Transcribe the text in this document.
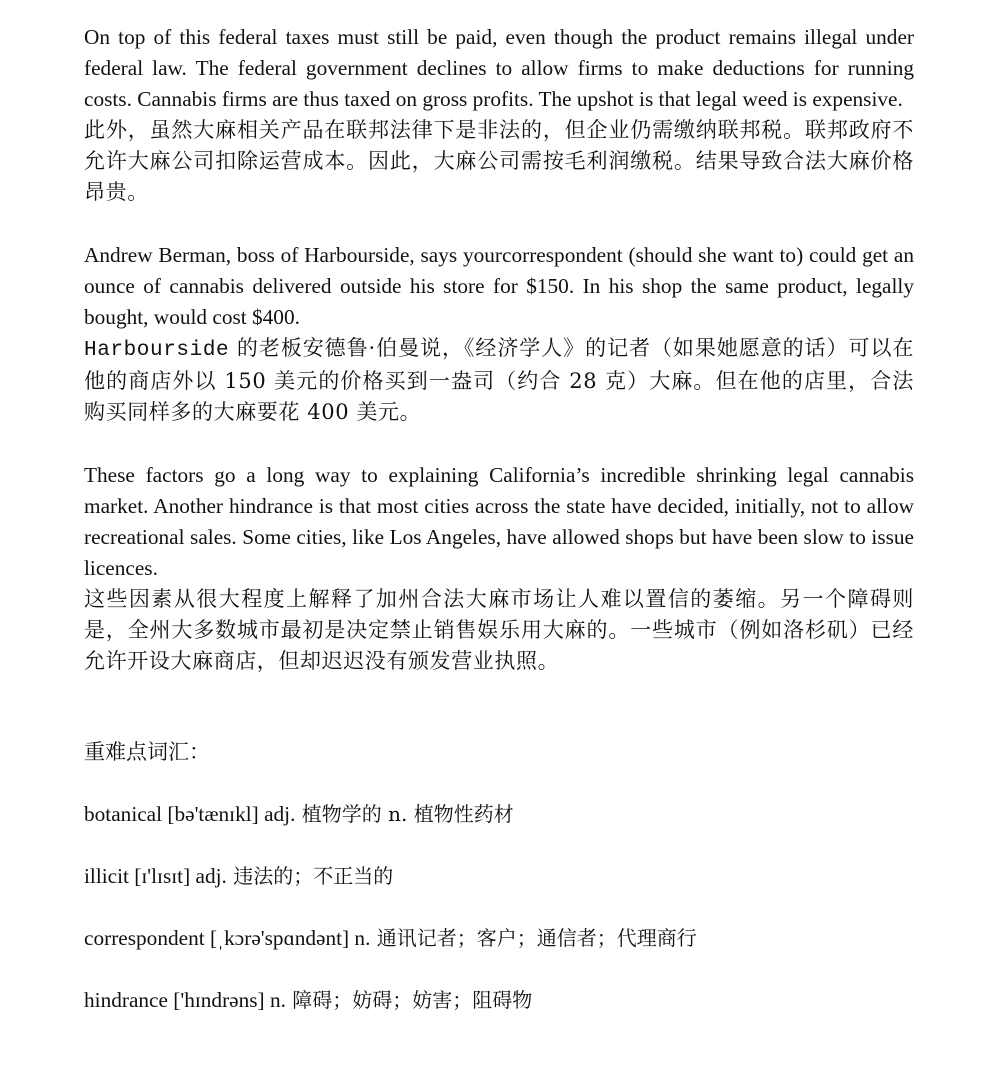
On top of this federal taxes must still be paid, even though the product remains illegal under federal law. The federal government declines to allow firms to make deductions for running costs. Cannabis firms are thus taxed on gross profits. The upshot is that legal weed is expensive.

此外，虽然大麻相关产品在联邦法律下是非法的，但企业仍需缴纳联邦税。联邦政府不允许大麻公司扣除运营成本。因此，大麻公司需按毛利润缴税。结果导致合法大麻价格昂贵。

Andrew Berman, boss of Harbourside, says yourcorrespondent (should she want to) could get an ounce of cannabis delivered outside his store for $150. In his shop the same product, legally bought, would cost $400.

Harbourside 的老板安德鲁·伯曼说，《经济学人》的记者（如果她愿意的话）可以在他的商店外以 150 美元的价格买到一盎司（约合 28 克）大麻。但在他的店里，合法购买同样多的大麻要花 400 美元。

These factors go a long way to explaining California’s incredible shrinking legal cannabis market. Another hindrance is that most cities across the state have decided, initially, not to allow recreational sales. Some cities, like Los Angeles, have allowed shops but have been slow to issue licences.

这些因素从很大程度上解释了加州合法大麻市场让人难以置信的萎缩。另一个障碍则是，全州大多数城市最初是决定禁止销售娱乐用大麻的。一些城市（例如洛杉矶）已经允许开设大麻商店，但却迟迟没有颁发营业执照。

重难点词汇：

botanical [bə'tænɪkl] adj. 植物学的 n. 植物性药材

illicit [ɪ'lɪsɪt] adj. 违法的；不正当的

correspondent [ˌkɔrə'spɑndənt] n. 通讯记者；客户；通信者；代理商行

hindrance ['hɪndrəns] n. 障碍；妨碍；妨害；阻碍物
